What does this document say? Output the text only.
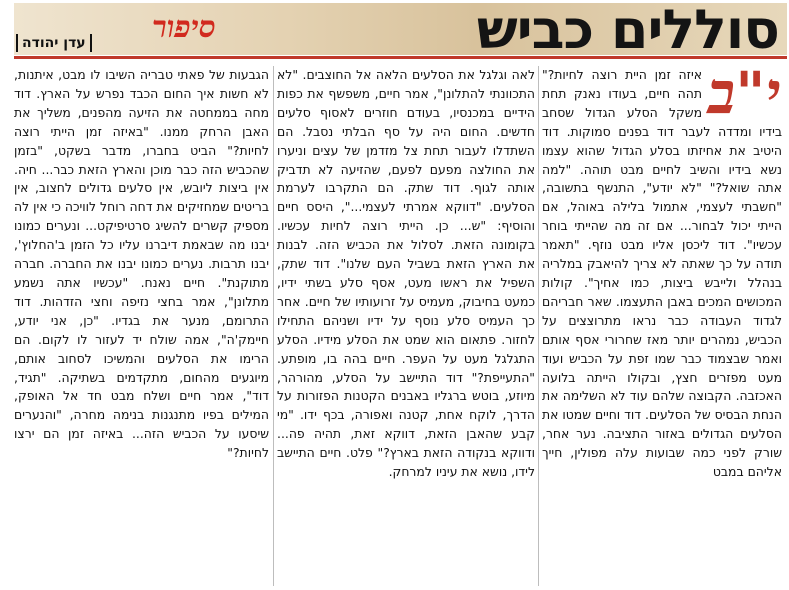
סוללים כביש
סיפור
עדן יהודה
י"ב

איזה זמן היית רוצה לחיות?" תהה חיים, בעודו נאנק תחת משקל הסלע הגדול שסחב בידיו ומדדה לעבר דוד בפנים סמוקות. דוד היטיב את אחיזתו בסלע הגדול שהוא עצמו נשא בידיו והשיב לחיים מבט תוהה. "למה אתה שואל?" "לא יודע", התנשף בתשובה, "חשבתי לעצמי, אתמול בלילה באוהל, אם הייתי יכול לבחור... אם זה מה שהייתי בוחר עכשיו". דוד ליכסן אליו מבט נוזף. "תאמר תודה על כך שאתה לא צריך להיאבק במלריה בנהלל ולייבש ביצות, כמו אחיך". קולות המכושים המכים באבן התעצמו. שאר חבריהם לגדוד העבודה כבר נראו מתרוצצים על הכביש, נמהרים יותר מאז שחרורי אסף אותם ואמר שבצמוד כבר שמו זפת על הכביש ועוד מעט מפזרים חצץ, ובקולו הייתה בלועה האכזבה. הקבוצה שלהם עוד לא השלימה את הנחת הבסיס של הסלעים. דוד וחיים שמטו את הסלעים הגדולים באזור התציבה. נער אחר, שורק לפני כמה שבועות עלה מפולין, חייך אליהם במבט

לאה וגלגל את הסלעים הלאה אל החוצבים. "לא התכוונתי להתלונן", אמר חיים, משפשף את כפות הידיים במכנסיו, בעודם חוזרים לאסוף סלעים חדשים. החום היה על סף הבלתי נסבל. הם השתדלו לעבור תחת צל מזדמן של עצים וניערו את החולצה מפעם לפעם, שהזיעה לא תדביק אותה לגוף. דוד שתק. הם התקרבו לערמת הסלעים. "דווקא אמרתי לעצמי...", היסס חיים והוסיף: "ש... כן. הייתי רוצה לחיות עכשיו. בקומונה הזאת. לסלול את הכביש הזה. לבנות את הארץ הזאת בשביל העם שלנו". דוד שתק, השפיל את ראשו מעט, אסף סלע בשתי ידיו, כמעט בחיבוק, מעמיס על זרועותיו של חיים. אחר כך העמיס סלע נוסף על ידיו ושניהם התחילו לחזור. פתאום הוא שמט את הסלע מידיו. הסלע התגלגל מעט על העפר. חיים בהה בו, מופתע. "התעייפת?" דוד התיישב על הסלע, מהורהר, מיוזע, בוטש ברגליו באבנים הקטנות הפזורות על הדרך, לוקח אחת, קטנה ואפורה, בכף ידו. "מי קבע שהאבן הזאת, דווקא זאת, תהיה פה... ודווקא בנקודה הזאת בארץ?" פלט. חיים התיישב לידו, נושא את עיניו למרחק.

הגבעות של פאתי טבריה השיבו לו מבט, איתנות, לא חשות איך החום הכבד נפרש על הארץ. דוד מחה בממחטה את הזיעה מהפנים, משליך את האבן הרחק ממנו. "באיזה זמן הייתי רוצה לחיות?" הביט בחברו, מדבר בשקט, "בזמן שהכביש הזה כבר מוכן והארץ הזאת כבר... חיה. אין ביצות ליובש, אין סלעים גדולים לחצוב, אין בריטים שמחזיקים את דחה רוחל לוויכה כי אין לה מספיק קשרים להשיג סרטיפיקט... ונערים כמונו יבנו מה שבאמת דיברנו עליו כל הזמן ב'החלוץ', יבנו תרבות. נערים כמונו יבנו את החברה. חברה מתוקנת". חיים נאנח. "עכשיו אתה נשמע מתלונן", אמר בחצי נזיפה וחצי הזדהות. דוד התרומם, מנער את בגדיו. "כן, אני יודע, חיימק'ה", אמה שולח יד לעזור לו לקום. הם הרימו את הסלעים והמשיכו לסחוב אותם, מיוגעים מהחום, מתקדמים בשתיקה. "תגיד, דוד", אמר חיים ושלח מבט חד אל האופק, המילים בפיו מתנגנות בנימה מחרה, "והנערים שיסעו על הכביש הזה... באיזה זמן הם ירצו לחיות?"
